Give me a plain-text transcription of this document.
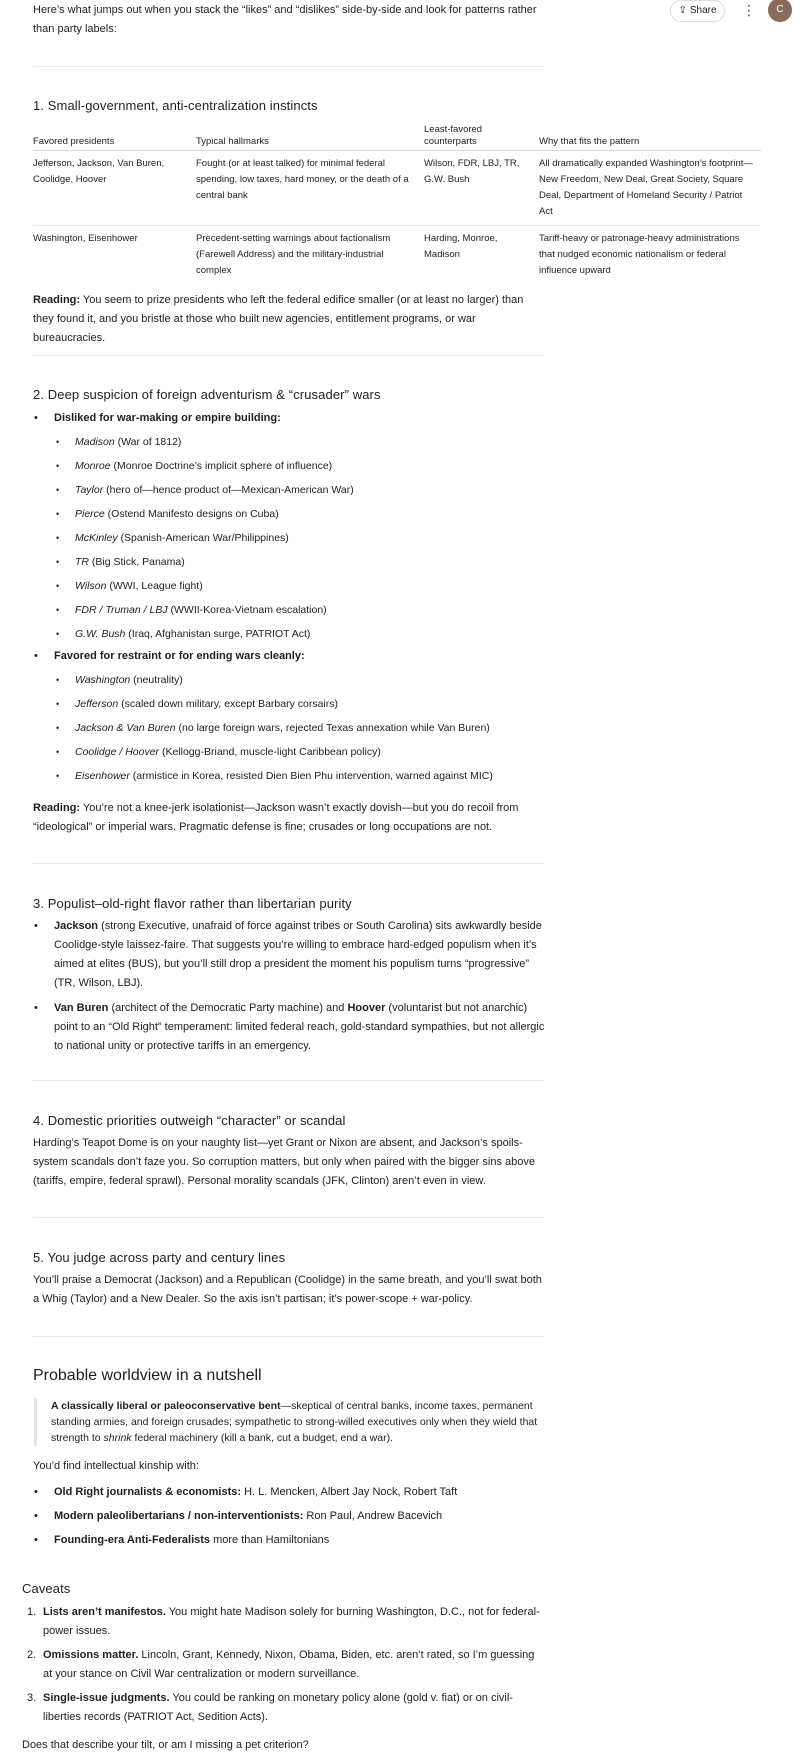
⇪ Share	⋮	C

Here’s what jumps out when you stack the “likes” and “dislikes” side-by-side and look for patterns rather than party labels:

1. Small-government, anti-centralization instincts
Favored presidents	Typical hallmarks	Least-favored counterparts	Why that fits the pattern
Jefferson, Jackson, Van Buren, Coolidge, Hoover	Fought (or at least talked) for minimal federal spending, low taxes, hard money, or the death of a central bank	Wilson, FDR, LBJ, TR, G.W. Bush	All dramatically expanded Washington’s footprint—New Freedom, New Deal, Great Society, Square Deal, Department of Homeland Security / Patriot Act
Washington, Eisenhower	Precedent-setting warnings about factionalism (Farewell Address) and the military-industrial complex	Harding, Monroe, Madison	Tariff-heavy or patronage-heavy administrations that nudged economic nationalism or federal influence upward

Reading: You seem to prize presidents who left the federal edifice smaller (or at least no larger) than they found it, and you bristle at those who built new agencies, entitlement programs, or war bureaucracies.

2. Deep suspicion of foreign adventurism & “crusader” wars
• Disliked for war-making or empire building:
• Madison (War of 1812)
• Monroe (Monroe Doctrine’s implicit sphere of influence)
• Taylor (hero of—hence product of—Mexican-American War)
• Pierce (Ostend Manifesto designs on Cuba)
• McKinley (Spanish-American War/Philippines)
• TR (Big Stick, Panama)
• Wilson (WWI, League fight)
• FDR / Truman / LBJ (WWII-Korea-Vietnam escalation)
• G.W. Bush (Iraq, Afghanistan surge, PATRIOT Act)
• Favored for restraint or for ending wars cleanly:
• Washington (neutrality)
• Jefferson (scaled down military, except Barbary corsairs)
• Jackson & Van Buren (no large foreign wars, rejected Texas annexation while Van Buren)
• Coolidge / Hoover (Kellogg-Briand, muscle-light Caribbean policy)
• Eisenhower (armistice in Korea, resisted Dien Bien Phu intervention, warned against MIC)

Reading: You’re not a knee-jerk isolationist—Jackson wasn’t exactly dovish—but you do recoil from “ideological” or imperial wars. Pragmatic defense is fine; crusades or long occupations are not.

3. Populist–old-right flavor rather than libertarian purity
• Jackson (strong Executive, unafraid of force against tribes or South Carolina) sits awkwardly beside Coolidge-style laissez-faire. That suggests you’re willing to embrace hard-edged populism when it’s aimed at elites (BUS), but you’ll still drop a president the moment his populism turns “progressive” (TR, Wilson, LBJ).
• Van Buren (architect of the Democratic Party machine) and Hoover (voluntarist but not anarchic) point to an “Old Right” temperament: limited federal reach, gold-standard sympathies, but not allergic to national unity or protective tariffs in an emergency.
4. Domestic priorities outweigh “character” or scandal

Harding’s Teapot Dome is on your naughty list—yet Grant or Nixon are absent, and Jackson’s spoils-system scandals don’t faze you. So corruption matters, but only when paired with the bigger sins above (tariffs, empire, federal sprawl). Personal morality scandals (JFK, Clinton) aren’t even in view.

5. You judge across party and century lines

You’ll praise a Democrat (Jackson) and a Republican (Coolidge) in the same breath, and you’ll swat both a Whig (Taylor) and a New Dealer. So the axis isn’t partisan; it’s power-scope + war-policy.

Probable worldview in a nutshell
A classically liberal or paleoconservative bent—skeptical of central banks, income taxes, permanent standing armies, and foreign crusades; sympathetic to strong-willed executives only when they wield that strength to shrink federal machinery (kill a bank, cut a budget, end a war).

You’d find intellectual kinship with:

• Old Right journalists & economists: H. L. Mencken, Albert Jay Nock, Robert Taft
• Modern paleolibertarians / non-interventionists: Ron Paul, Andrew Bacevich
• Founding-era Anti-Federalists more than Hamiltonians
Caveats
Lists aren’t manifestos. You might hate Madison solely for burning Washington, D.C., not for federal-power issues.
Omissions matter. Lincoln, Grant, Kennedy, Nixon, Obama, Biden, etc. aren’t rated, so I’m guessing at your stance on Civil War centralization or modern surveillance.
Single-issue judgments. You could be ranking on monetary policy alone (gold v. fiat) or on civil-liberties records (PATRIOT Act, Sedition Acts).

Does that describe your tilt, or am I missing a pet criterion?
